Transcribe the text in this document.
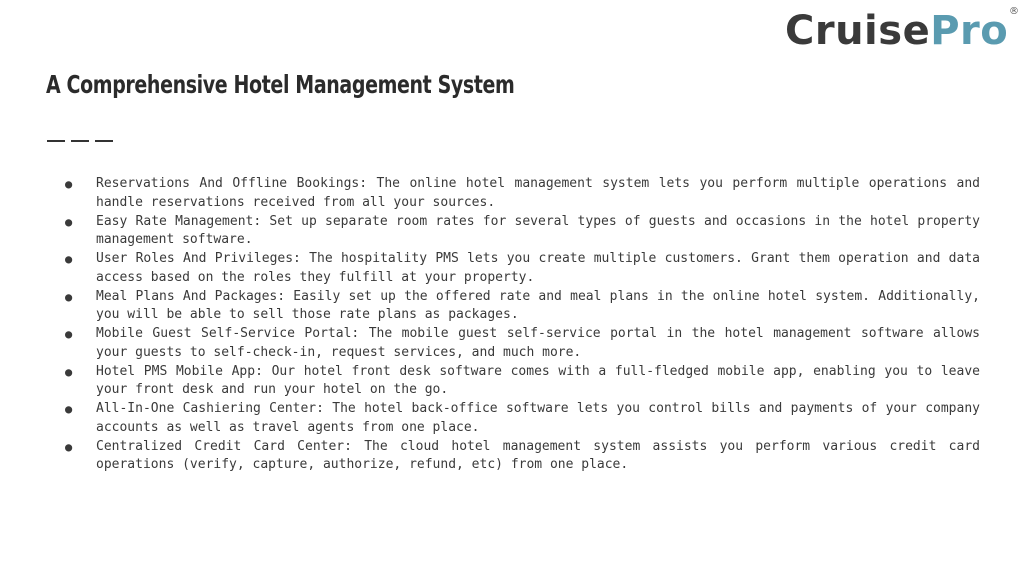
CruisePro ®
A Comprehensive Hotel Management System
● Reservations And Offline Bookings: The online hotel management system lets you perform multiple operations and handle reservations received from all your sources.
● Easy Rate Management: Set up separate room rates for several types of guests and occasions in the hotel property management software.
● User Roles And Privileges: The hospitality PMS lets you create multiple customers. Grant them operation and data access based on the roles they fulfill at your property.
● Meal Plans And Packages: Easily set up the offered rate and meal plans in the online hotel system. Additionally, you will be able to sell those rate plans as packages.
● Mobile Guest Self-Service Portal: The mobile guest self-service portal in the hotel management software allows your guests to self-check-in, request services, and much more.
● Hotel PMS Mobile App: Our hotel front desk software comes with a full-fledged mobile app, enabling you to leave your front desk and run your hotel on the go.
● All-In-One Cashiering Center: The hotel back-office software lets you control bills and payments of your company accounts as well as travel agents from one place.
● Centralized Credit Card Center: The cloud hotel management system assists you perform various credit card operations (verify, capture, authorize, refund, etc) from one place.
